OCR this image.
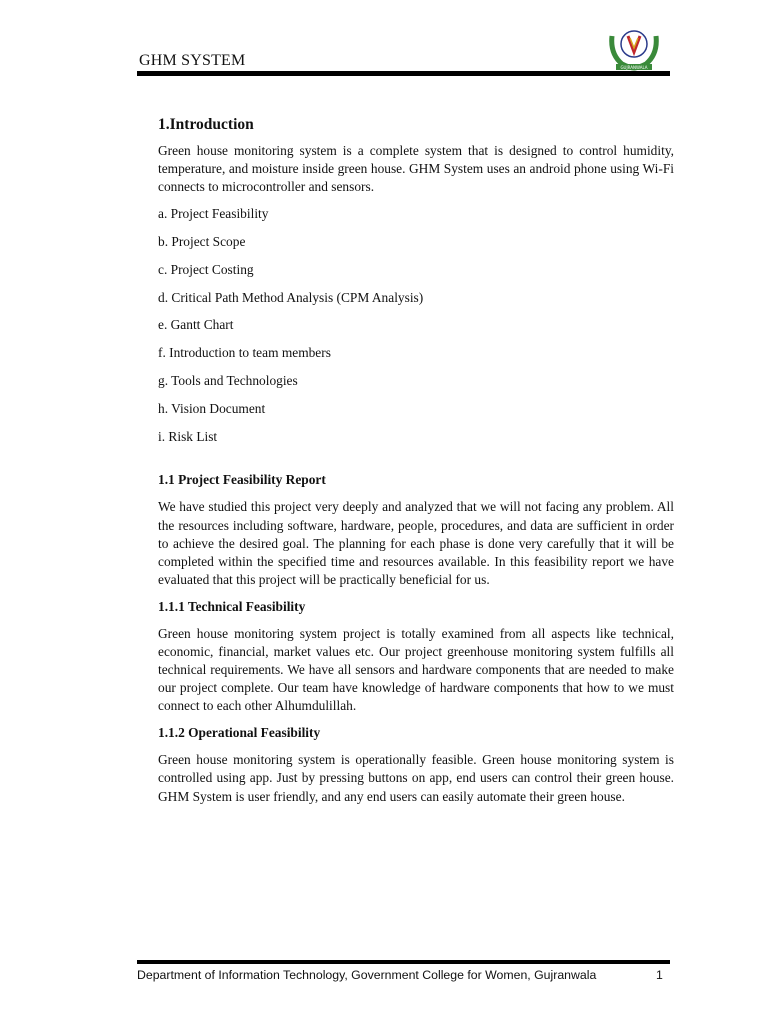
GHM SYSTEM	GUJRANWALA
1.Introduction

Green house monitoring system is a complete system that is designed to control humidity, temperature, and moisture inside green house. GHM System uses an android phone using Wi-Fi connects to microcontroller and sensors.

a. Project Feasibility
b. Project Scope
c. Project Costing
d. Critical Path Method Analysis (CPM Analysis)
e. Gantt Chart
f. Introduction to team members
g. Tools and Technologies
h. Vision Document
i. Risk List
1.1 Project Feasibility Report

We have studied this project very deeply and analyzed that we will not facing any problem. All the resources including software, hardware, people, procedures, and data are sufficient in order to achieve the desired goal. The planning for each phase is done very carefully that it will be completed within the specified time and resources available. In this feasibility report we have evaluated that this project will be practically beneficial for us.

1.1.1 Technical Feasibility

Green house monitoring system project is totally examined from all aspects like technical, economic, financial, market values etc. Our project greenhouse monitoring system fulfills all technical requirements. We have all sensors and hardware components that are needed to make our project complete. Our team have knowledge of hardware components that how to we must connect to each other Alhumdulillah.

1.1.2 Operational Feasibility

Green house monitoring system is operationally feasible. Green house monitoring system is controlled using app. Just by pressing buttons on app, end users can control their green house. GHM System is user friendly, and any end users can easily automate their green house.

Department of Information Technology, Government College for Women, Gujranwala	1
